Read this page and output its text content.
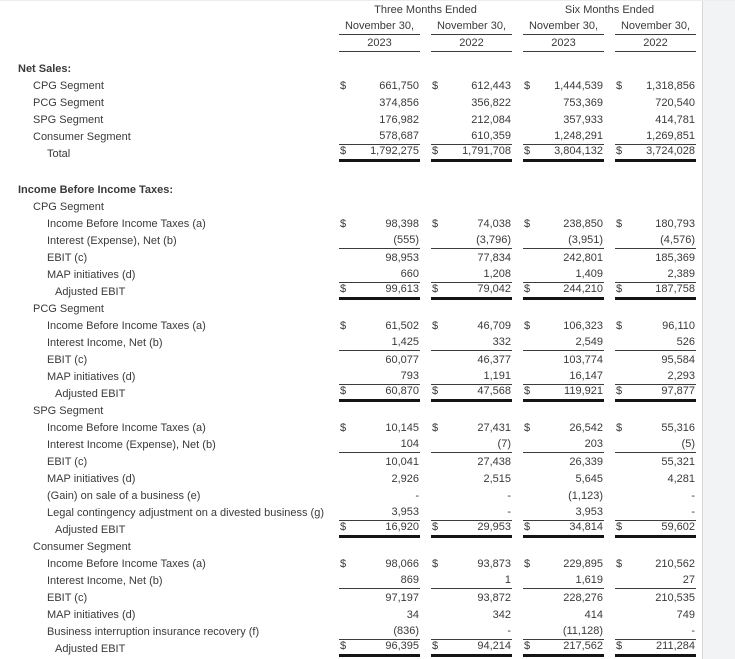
Three Months Ended	Six Months Ended
November 30,	November 30,	November 30,	November 30,
2023	2022	2023	2022
Net Sales:
CPG Segment	$	661,750 $	612,443 $ 1,444,539 $ 1,318,856
PCG Segment	374,856	356,822	753,369	720,540
SPG Segment	176,982	212,084	357,933	414,781
Consumer Segment	578,687	610,359	1,248,291	1,269,851
Total	$ 1,792,275 $ 1,791,708 $ 3,804,132 $ 3,724,028
Income Before Income Taxes:
CPG Segment
Income Before Income Taxes (a)	$	98,398 $	74,038 $	238,850 $	180,793
Interest (Expense), Net (b)	(555)	(3,796)	(3,951)	(4,576)
EBIT (c)	98,953	77,834	242,801	185,369
MAP initiatives (d)	660	1,208	1,409	2,389
Adjusted EBIT	$	99,613 $	79,042 $	244,210 $	187,758
PCG Segment
Income Before Income Taxes (a)	$	61,502 $	46,709 $	106,323 $	96,110
Interest Income, Net (b)	1,425	332	2,549	526
EBIT (c)	60,077	46,377	103,774	95,584
MAP initiatives (d)	793	1,191	16,147	2,293
Adjusted EBIT	$	60,870 $	47,568 $	119,921 $	97,877
SPG Segment
Income Before Income Taxes (a)	$	10,145 $	27,431 $	26,542 $	55,316
Interest Income (Expense), Net (b)	104	(7)	203	(5)
EBIT (c)	10,041	27,438	26,339	55,321
MAP initiatives (d)	2,926	2,515	5,645	4,281
(Gain) on sale of a business (e)	-	-	(1,123)	-
Legal contingency adjustment on a divested business (g)	3,953	-	3,953	-
Adjusted EBIT	$	16,920 $	29,953 $	34,814 $	59,602
Consumer Segment
Income Before Income Taxes (a)	$	98,066 $	93,873 $	229,895 $	210,562
Interest Income, Net (b)	869	1	1,619	27
EBIT (c)	97,197	93,872	228,276	210,535
MAP initiatives (d)	34	342	414	749
Business interruption insurance recovery (f)	(836)	-	(11,128)	-
Adjusted EBIT	$	96,395 $	94,214 $	217,562 $	211,284
